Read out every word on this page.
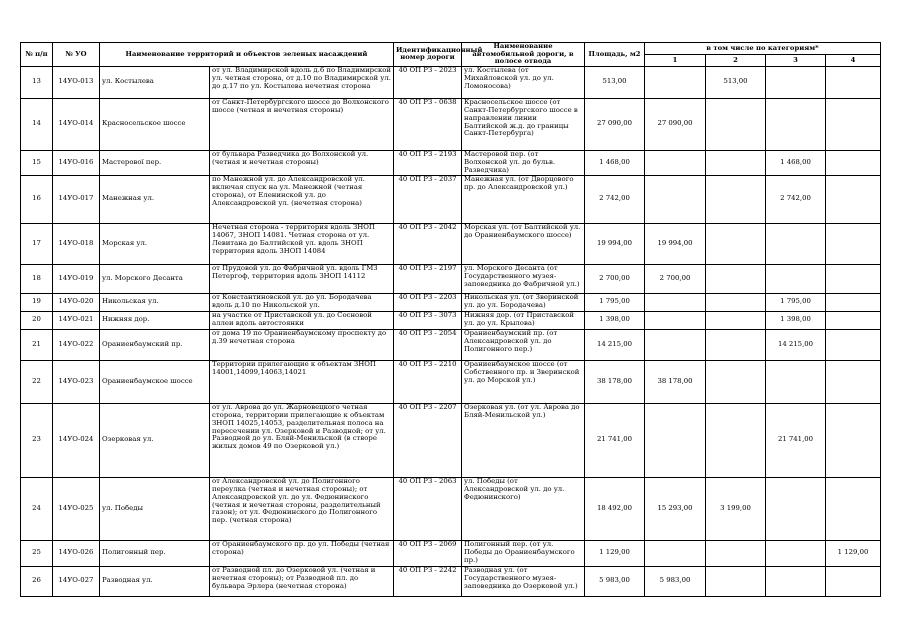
№ п/п	№ УО	Наименование территорий и объектов зеленых насаждений		Идентификационный номер дороги	Наименование автомобильной дороги, в полосе отвода	Площадь, м2	в том числе по категориям*			
							1	2	3	4
13	14УО-013	ул. Костылева	от ул. Владимирской вдоль д.6 по Владимирской ул. четная сторона, от д.10 по Владимирской ул. до д.17 по ул. Костылева нечетная сторона	40 ОП РЗ - 2023	ул. Костылева (от Михайловской ул. до ул. Ломоносова)	513,00		513,00		
14	14УО-014	Красносельское шоссе	от Санкт-Петербургского шоссе до Волхонского шоссе (четная и нечетная стороны)	40 ОП РЗ - 0638	Красносельское шоссе (от Санкт-Петербургского шоссе в направлении линии Балтийской ж.д. до границы Санкт-Петербурга)	27 090,00	27 090,00			
15	14УО-016	Мастерової пер.	от бульвара Разведчика до Волхонской ул. (четная и нечетная стороны)	40 ОП РЗ - 2193	Мастеровой пер. (от Волхонской ул. до бульв. Разведчика)	1 468,00			1 468,00	
16	14УО-017	Манежная ул.	по Манежной ул. до Александровской ул. включая спуск на ул. Манежной (четная сторона), от Еленинской ул. до Александровской ул. (нечетная сторона)	40 ОП РЗ - 2037	Манежная ул. (от Дворцового пр. до Александровской ул.)	2 742,00			2 742,00	
17	14УО-018	Морская ул.	Нечетная сторона - территория вдоль ЗНОП 14067, ЗНОП 14081. Четная сторона от ул. Левитана до Балтийской ул. вдоль ЗНОП территория вдоль ЗНОП 14084	40 ОП РЗ - 2042	Морская ул. (от Балтийской ул. до Ораниенбаумского шоссе)	19 994,00	19 994,00			
18	14УО-019	ул. Морского Десанта	от Прудовой ул. до Фабричной ул. вдоль ГМЗ Петергоф, территория вдоль ЗНОП 14112	40 ОП РЗ - 2197	ул. Морского Десанта (от Государственного музея-заповедника до Фабричной ул.)	2 700,00	2 700,00			
19	14УО-020	Никольская ул.	от Константиновской ул. до ул. Бородачева вдоль д.10 по Никольской ул.	40 ОП РЗ - 2203	Никольская ул. (от Зверинской ул. до ул. Бородачева)	1 795,00			1 795,00	
20	14УО-021	Нижняя дор.	на участке от Приставской ул. до Сосновой аллеи вдоль автостоянки	40 ОП РЗ - 3073	Нижняя дор. (от Приставской ул. до ул. Крылова)	1 398,00			1 398,00	
21	14УО-022	Ораниенбаумский пр.	от дома 19 по Ораниенбаумскому проспекту до д.39 нечетная сторона	40 ОП РЗ - 2054	Ораниенбаумский пр. (от Александровской ул. до Полигонного пер.)	14 215,00			14 215,00	
22	14УО-023	Ораниенбаумское шоссе	Территории прилегающие к объектам ЗНОП 14001,14099,14063,14021	40 ОП РЗ - 2210	Ораниенбаумское шоссе (от Собственного пр. и Зверинской ул. до Морской ул.)	38 178,00	38 178,00			
23	14УО-024	Озерковая ул.	от ул. Аврова до ул. Жарновецкого четная сторона, территории прилегающие к объектам ЗНОП 14025,14053, разделительная полоса на пересечении ул. Озерковой и Разводной; от ул. Разводной до ул. Бляй-Менильской (в створе жилых домов 49 по Озерковой ул.)	40 ОП РЗ - 2207	Озерковая ул. (от ул. Аврова до Бляй-Менильской ул.)	21 741,00			21 741,00	
24	14УО-025	ул. Победы	от Александровской ул. до Полигонного переулка (четная и нечетная стороны); от Александровской ул. до ул. Федюнинского (четная и нечетная стороны, разделительный газон); от ул. Федюнинского до Полигонного пер. (четная сторона)	40 ОП РЗ - 2063	ул. Победы (от Александровской ул. до ул. Федюнинского)	18 492,00	15 293,00	3 199,00		
25	14УО-026	Полигонный пер.	от Ораниенбаумского пр. до ул. Победы (четная сторона)	40 ОП РЗ - 2069	Полигонный пер. (от ул. Победы до Ораниенбаумского пр.)	1 129,00				1 129,00
26	14УО-027	Разводная ул.	от Разводной пл. до Озерковой ул. (четная и нечетная стороны); от Разводной пл. до бульвара Эрлера (нечетная сторона)	40 ОП РЗ - 2242	Разводная ул. (от Государственного музея-заповедника до Озерковой ул.)	5 983,00	5 983,00			
